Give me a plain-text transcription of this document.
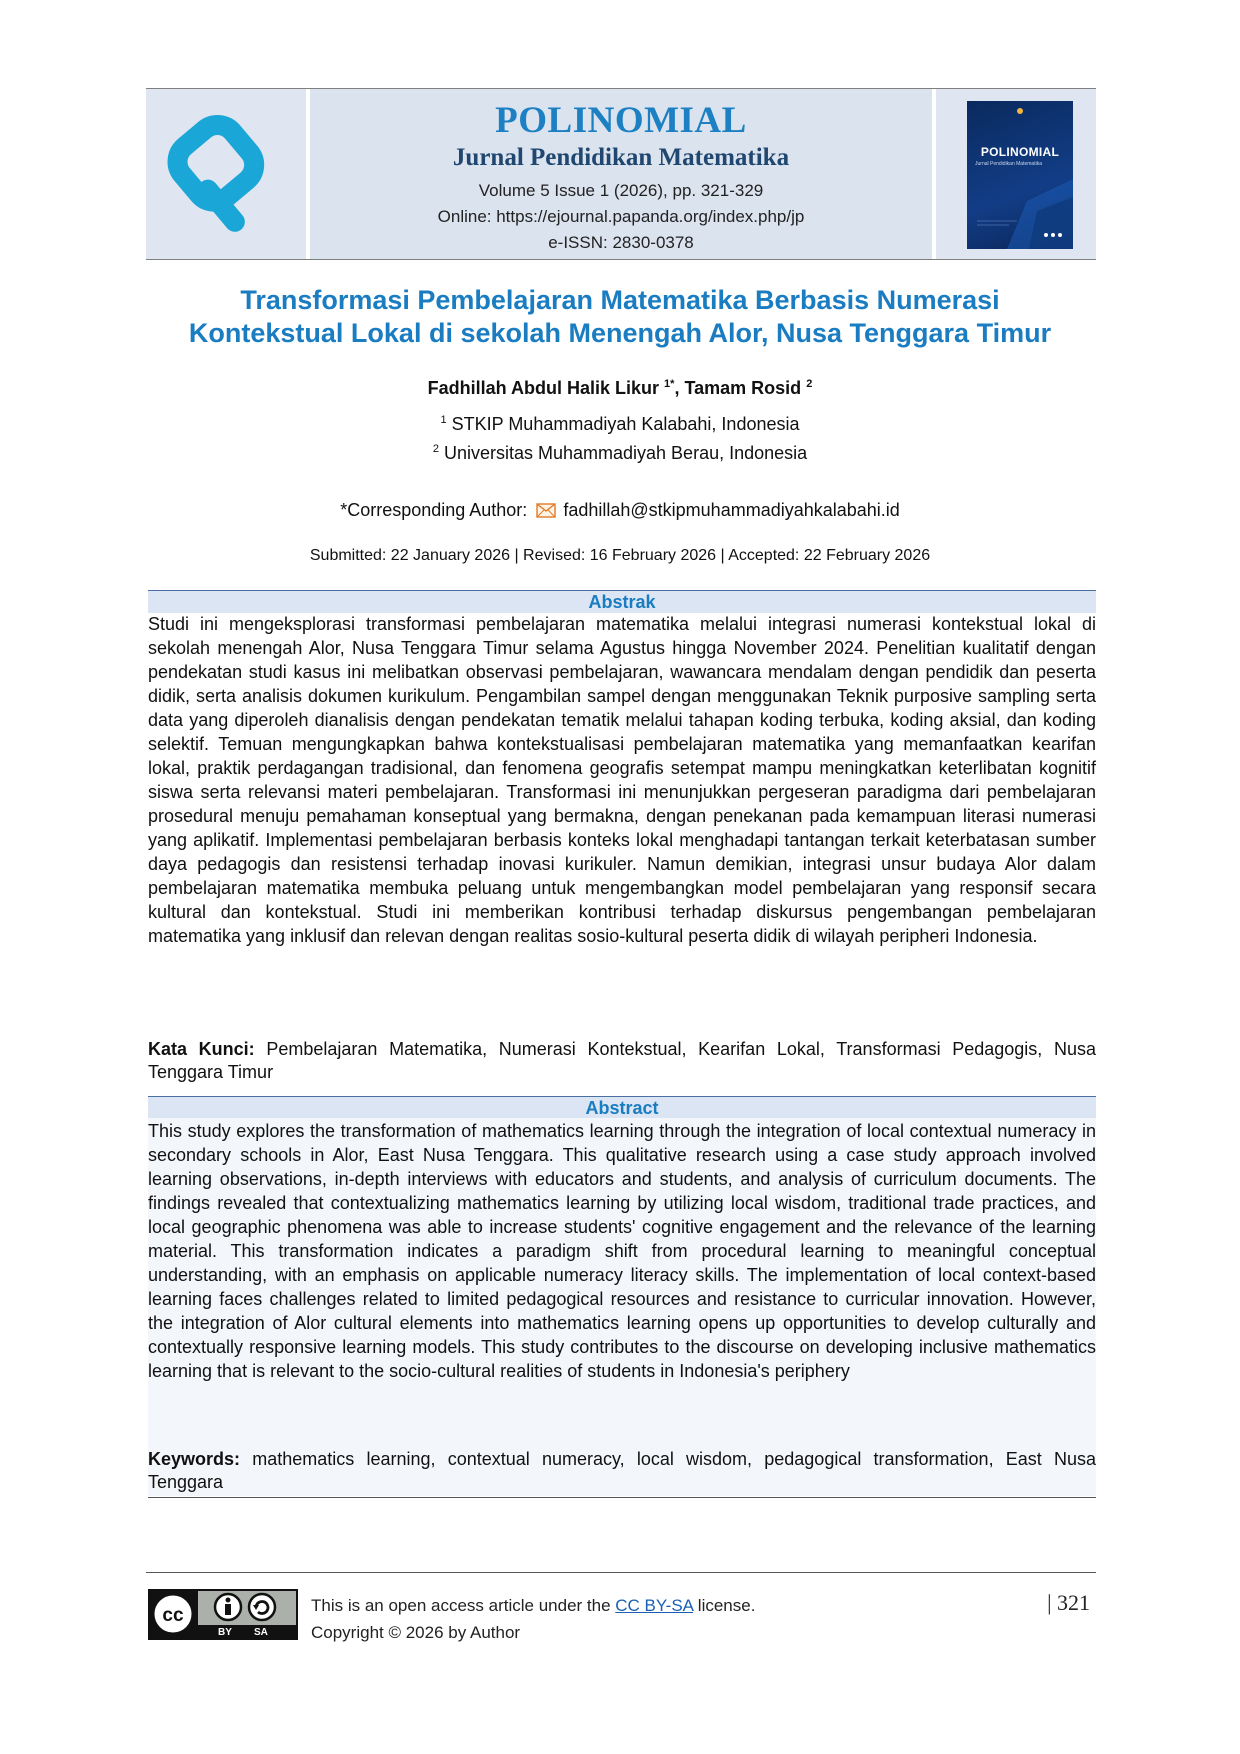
POLINOMIAL
Jurnal Pendidikan Matematika
Volume 5 Issue 1 (2026), pp. 321-329
Online: https://ejournal.papanda.org/index.php/jp
e-ISSN: 2830-0378
POLINOMIAL
Jurnal Pendidikan Matematika
Transformasi Pembelajaran Matematika Berbasis Numerasi
Kontekstual Lokal di sekolah Menengah Alor, Nusa Tenggara Timur
Fadhillah Abdul Halik Likur $^{1*}$, Tamam Rosid $^2$
$^1$ STKIP Muhammadiyah Kalabahi, Indonesia
$^2$ Universitas Muhammadiyah Berau, Indonesia
*Corresponding Author: fadhillah@stkipmuhammadiyahkalabahi.id
Submitted: 22 January 2026 | Revised: 16 February 2026 | Accepted: 22 February 2026
Abstrak
Studi ini mengeksplorasi transformasi pembelajaran matematika melalui integrasi numerasi kontekstual lokal di sekolah menengah Alor, Nusa Tenggara Timur selama Agustus hingga November 2024. Penelitian kualitatif dengan pendekatan studi kasus ini melibatkan observasi pembelajaran, wawancara mendalam dengan pendidik dan peserta didik, serta analisis dokumen kurikulum. Pengambilan sampel dengan menggunakan Teknik purposive sampling serta data yang diperoleh dianalisis dengan pendekatan tematik melalui tahapan koding terbuka, koding aksial, dan koding selektif. Temuan mengungkapkan bahwa kontekstualisasi pembelajaran matematika yang memanfaatkan kearifan lokal, praktik perdagangan tradisional, dan fenomena geografis setempat mampu meningkatkan keterlibatan kognitif siswa serta relevansi materi pembelajaran. Transformasi ini menunjukkan pergeseran paradigma dari pembelajaran prosedural menuju pemahaman konseptual yang bermakna, dengan penekanan pada kemampuan literasi numerasi yang aplikatif. Implementasi pembelajaran berbasis konteks lokal menghadapi tantangan terkait keterbatasan sumber daya pedagogis dan resistensi terhadap inovasi kurikuler. Namun demikian, integrasi unsur budaya Alor dalam pembelajaran matematika membuka peluang untuk mengembangkan model pembelajaran yang responsif secara kultural dan kontekstual. Studi ini memberikan kontribusi terhadap diskursus pengembangan pembelajaran matematika yang inklusif dan relevan dengan realitas sosio-kultural peserta didik di wilayah peripheri Indonesia.
Kata Kunci: Pembelajaran Matematika, Numerasi Kontekstual, Kearifan Lokal, Transformasi Pedagogis, Nusa Tenggara Timur
Abstract
This study explores the transformation of mathematics learning through the integration of local contextual numeracy in secondary schools in Alor, East Nusa Tenggara. This qualitative research using a case study approach involved learning observations, in-depth interviews with educators and students, and analysis of curriculum documents. The findings revealed that contextualizing mathematics learning by utilizing local wisdom, traditional trade practices, and local geographic phenomena was able to increase students' cognitive engagement and the relevance of the learning material. This transformation indicates a paradigm shift from procedural learning to meaningful conceptual understanding, with an emphasis on applicable numeracy literacy skills. The implementation of local context-based learning faces challenges related to limited pedagogical resources and resistance to curricular innovation. However, the integration of Alor cultural elements into mathematics learning opens up opportunities to develop culturally and contextually responsive learning models. This study contributes to the discourse on developing inclusive mathematics learning that is relevant to the socio-cultural realities of students in Indonesia's periphery
Keywords: mathematics learning, contextual numeracy, local wisdom, pedagogical transformation, East Nusa Tenggara
cc
BY SA
This is an open access article under the CC BY-SA license.
Copyright © 2026 by Author
| 321
